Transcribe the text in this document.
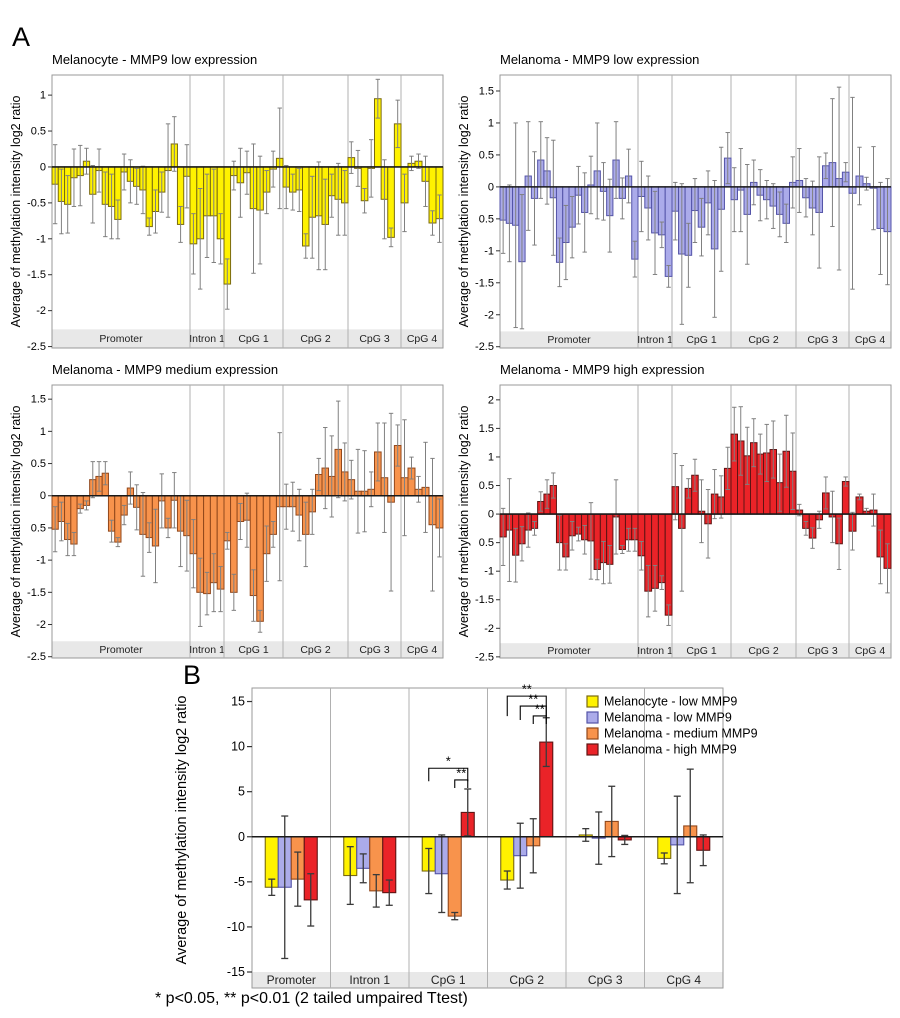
A
Promoter	Intron 1 CpG 1	CpG 2	CpG 3 CpG 4
1
0.5
0
-0.5
-1
-1.5
-2
-2.5
Average of methylation intensity log2 ratio
Melanocyte - MMP9 low expression
Promoter	Intron 1 CpG 1	CpG 2	CpG 3 CpG 4
1.5
1
0.5
0
0.5
-1
-1.5
-2
-2.5
Average of methylation intensity log2 ratio
Melanoma - MMP9 low expression
Promoter	Intron 1 CpG 1	CpG 2	CpG 3 CpG 4
1.5
1
0.5
0
0.5
-1
-1.5
-2
-2.5
Average of methylation intensity log2 ratio
Melanoma - MMP9 medium expression
Promoter	Intron 1 CpG 1	CpG 2	CpG 3 CpG 4
2
1.5
1
0.5
0
0.5
-1
-1.5
-2
-2.5
Average of methylation intensity log2 ratio
Melanoma - MMP9 high expression
B
Promoter	Intron 1	CpG 1	CpG 2	CpG 3	CpG 4
*
**
**
**
**
15
10
5
0
-5
-10
-15
Average of methylation intensity log2 ratio	Melanocyte - low MMP9
Melanoma - low MMP9
Melanoma - medium MMP9
Melanoma - high MMP9
* p<0.05, ** p<0.01 (2 tailed umpaired Ttest)
